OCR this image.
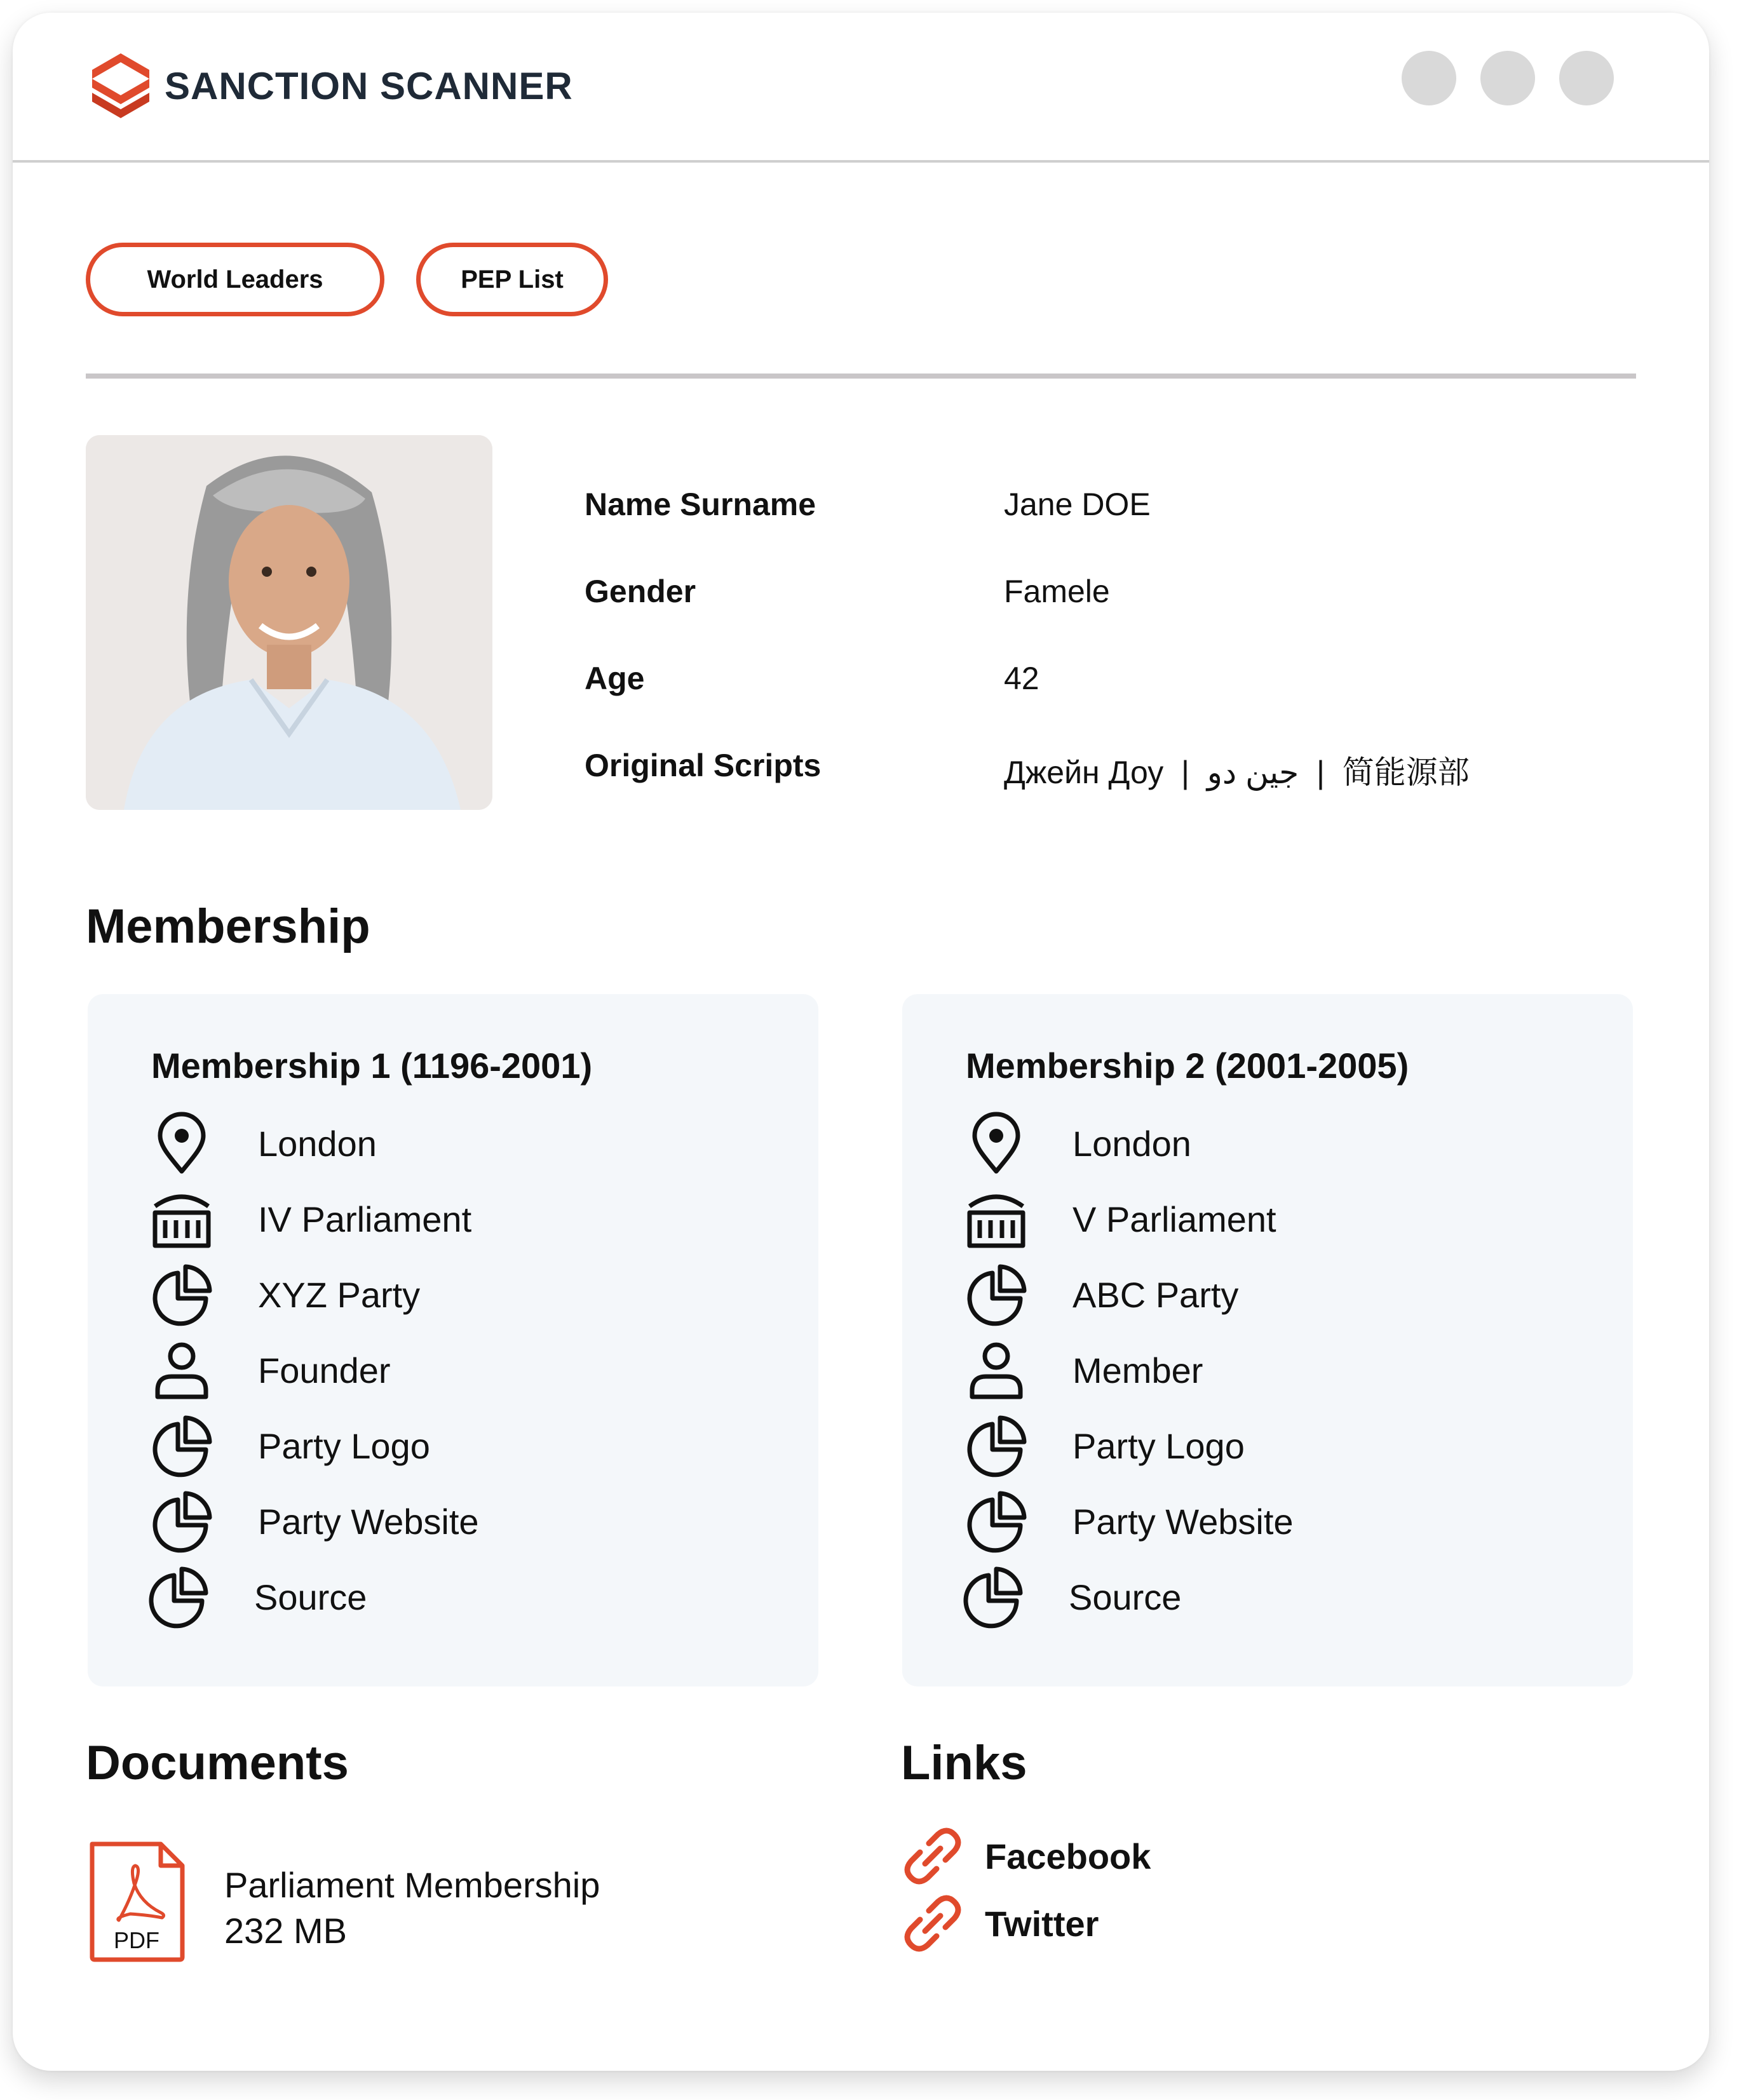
SANCTION SCANNER
World Leaders	PEP List
Name Surname	Jane DOE
Gender	Famele
Age	42
Original Scripts	Джейн Доу  |  جين دو  |  简能源部
Membership
Membership 1 (1196-2001)
London
IV Parliament
XYZ Party
Founder
Party Logo
Party Website
Source
Membership 2 (2001-2005)
London
V Parliament
ABC Party
Member
Party Logo
Party Website
Source
Documents
PDF
Parliament Membership
232 MB
Links
Facebook
Twitter
